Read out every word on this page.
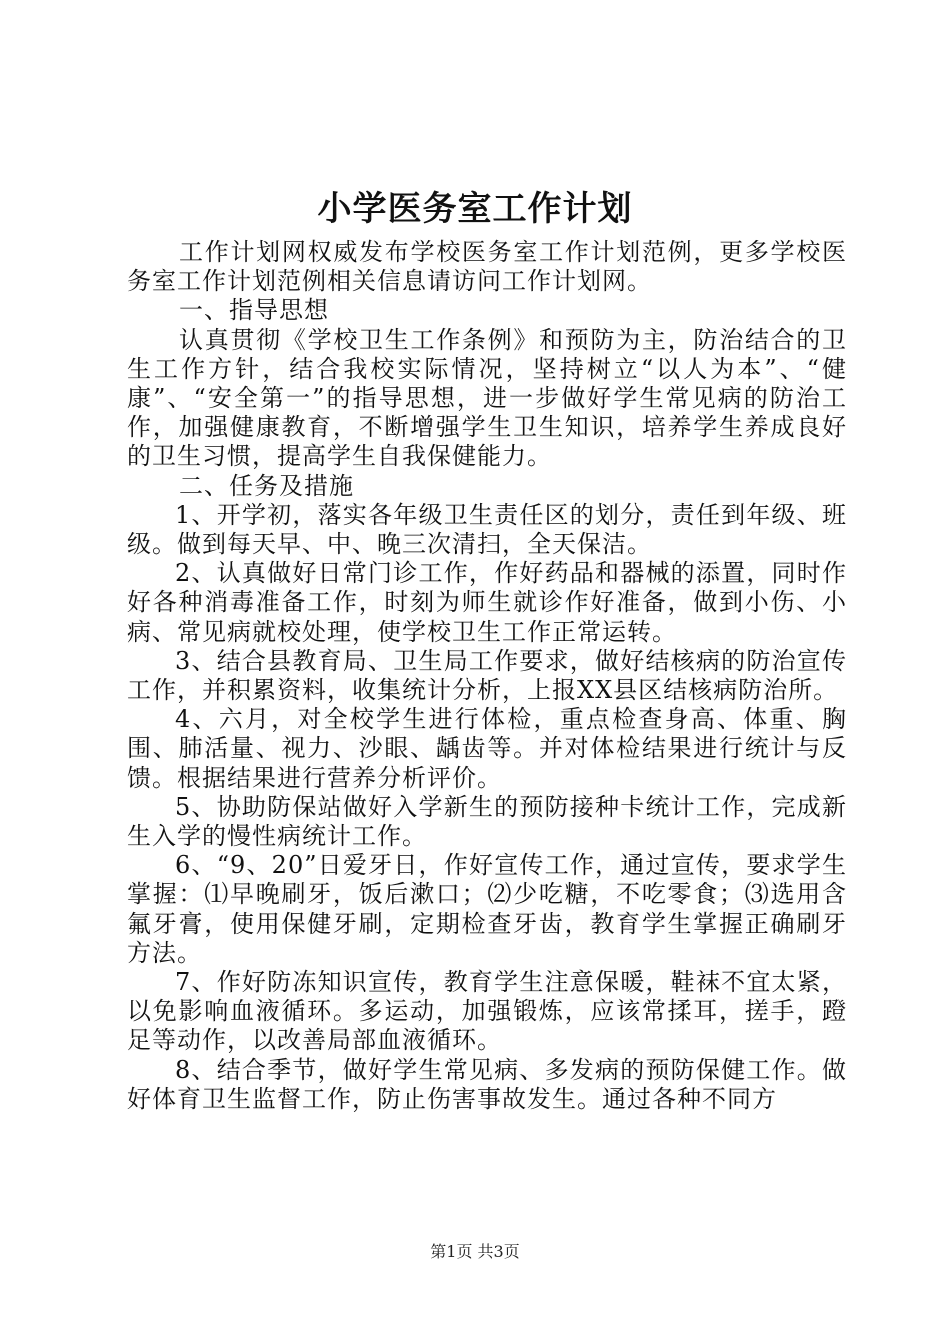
小学医务室工作计划

工作计划网权威发布学校医务室工作计划范例，更多学校医务室工作计划范例相关信息请访问工作计划网。

一、指导思想

认真贯彻《学校卫生工作条例》和预防为主，防治结合的卫生工作方针，结合我校实际情况，坚持树立“以人为本”、“健康”、“安全第一”的指导思想，进一步做好学生常见病的防治工作，加强健康教育，不断增强学生卫生知识，培养学生养成良好的卫生习惯，提高学生自我保健能力。

二、任务及措施

1、开学初，落实各年级卫生责任区的划分，责任到年级、班级。做到每天早、中、晚三次清扫，全天保洁。

2、认真做好日常门诊工作，作好药品和器械的添置，同时作好各种消毒准备工作，时刻为师生就诊作好准备，做到小伤、小病、常见病就校处理，使学校卫生工作正常运转。

3、结合县教育局、卫生局工作要求，做好结核病的防治宣传工作，并积累资料，收集统计分析，上报XX县区结核病防治所。

4、六月，对全校学生进行体检，重点检查身高、体重、胸围、肺活量、视力、沙眼、龋齿等。并对体检结果进行统计与反馈。根据结果进行营养分析评价。

5、协助防保站做好入学新生的预防接种卡统计工作，完成新生入学的慢性病统计工作。

6、“9、20”日爱牙日，作好宣传工作，通过宣传，要求学生掌握：⑴早晚刷牙，饭后漱口；⑵少吃糖，不吃零食；⑶选用含氟牙膏，使用保健牙刷，定期检查牙齿，教育学生掌握正确刷牙方法。

7、作好防冻知识宣传，教育学生注意保暖，鞋袜不宜太紧，以免影响血液循环。多运动，加强锻炼，应该常揉耳，搓手，蹬足等动作，以改善局部血液循环。

8、结合季节，做好学生常见病、多发病的预防保健工作。做好体育卫生监督工作，防止伤害事故发生。通过各种不同方

第1页 共3页
